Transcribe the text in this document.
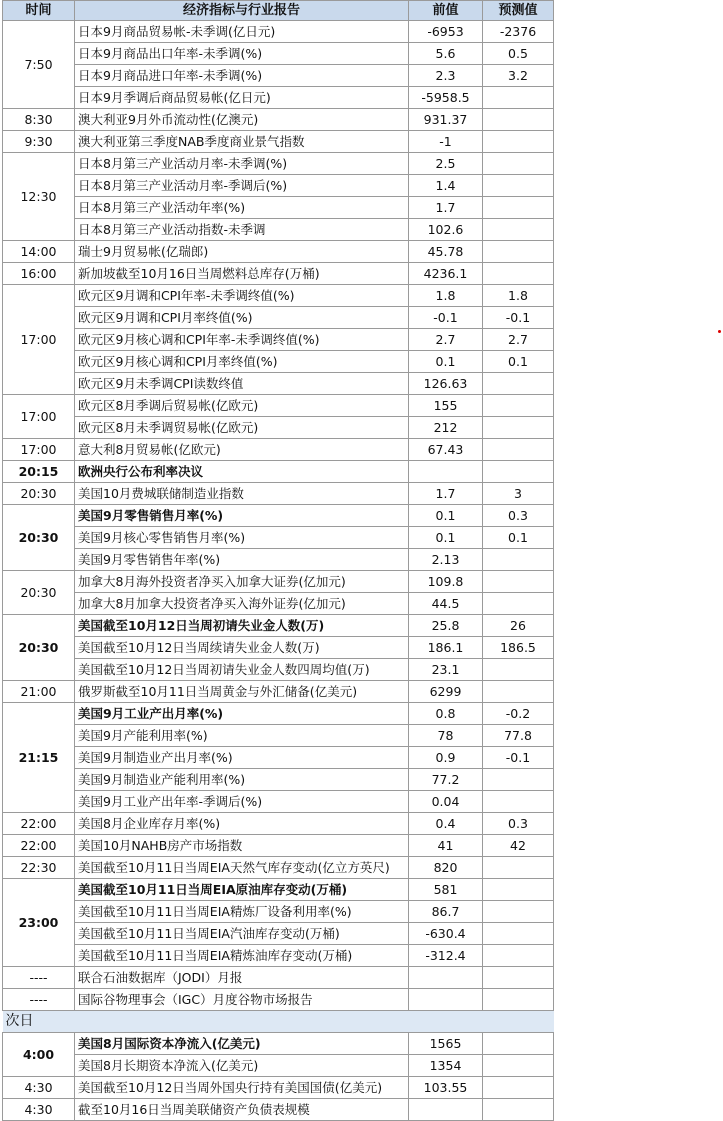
时间	经济指标与行业报告	前值	预测值
7:50	日本9月商品贸易帐-未季调(亿日元)	-6953	-2376
	日本9月商品出口年率-未季调(%)	5.6	0.5
	日本9月商品进口年率-未季调(%)	2.3	3.2
	日本9月季调后商品贸易帐(亿日元)	-5958.5	
8:30	澳大利亚9月外币流动性(亿澳元)	931.37	
9:30	澳大利亚第三季度NAB季度商业景气指数	-1	
12:30	日本8月第三产业活动月率-未季调(%)	2.5	
	日本8月第三产业活动月率-季调后(%)	1.4	
	日本8月第三产业活动年率(%)	1.7	
	日本8月第三产业活动指数-未季调	102.6	
14:00	瑞士9月贸易帐(亿瑞郎)	45.78	
16:00	新加坡截至10月16日当周燃料总库存(万桶)	4236.1	
17:00	欧元区9月调和CPI年率-未季调终值(%)	1.8	1.8
	欧元区9月调和CPI月率终值(%)	-0.1	-0.1
	欧元区9月核心调和CPI年率-未季调终值(%)	2.7	2.7
	欧元区9月核心调和CPI月率终值(%)	0.1	0.1
	欧元区9月未季调CPI读数终值	126.63	
17:00	欧元区8月季调后贸易帐(亿欧元)	155	
	欧元区8月未季调贸易帐(亿欧元)	212	
17:00	意大利8月贸易帐(亿欧元)	67.43	
20:15	欧洲央行公布利率决议		
20:30	美国10月费城联储制造业指数	1.7	3
20:30	美国9月零售销售月率(%)	0.1	0.3
	美国9月核心零售销售月率(%)	0.1	0.1
	美国9月零售销售年率(%)	2.13	
20:30	加拿大8月海外投资者净买入加拿大证券(亿加元)	109.8	
	加拿大8月加拿大投资者净买入海外证券(亿加元)	44.5	
20:30	美国截至10月12日当周初请失业金人数(万)	25.8	26
	美国截至10月12日当周续请失业金人数(万)	186.1	186.5
	美国截至10月12日当周初请失业金人数四周均值(万)	23.1	
21:00	俄罗斯截至10月11日当周黄金与外汇储备(亿美元)	6299	
21:15	美国9月工业产出月率(%)	0.8	-0.2
	美国9月产能利用率(%)	78	77.8
	美国9月制造业产出月率(%)	0.9	-0.1
	美国9月制造业产能利用率(%)	77.2	
	美国9月工业产出年率-季调后(%)	0.04	
22:00	美国8月企业库存月率(%)	0.4	0.3
22:00	美国10月NAHB房产市场指数	41	42
22:30	美国截至10月11日当周EIA天然气库存变动(亿立方英尺)	820	
23:00	美国截至10月11日当周EIA原油库存变动(万桶)	581	
	美国截至10月11日当周EIA精炼厂设备利用率(%)	86.7	
	美国截至10月11日当周EIA汽油库存变动(万桶)	-630.4	
	美国截至10月11日当周EIA精炼油库存变动(万桶)	-312.4	
----	联合石油数据库（JODI）月报		
----	国际谷物理事会（IGC）月度谷物市场报告		
次日			
4:00	美国8月国际资本净流入(亿美元)	1565	
	美国8月长期资本净流入(亿美元)	1354	
4:30	美国截至10月12日当周外国央行持有美国国债(亿美元)	103.55	
4:30	截至10月16日当周美联储资产负债表规模		
